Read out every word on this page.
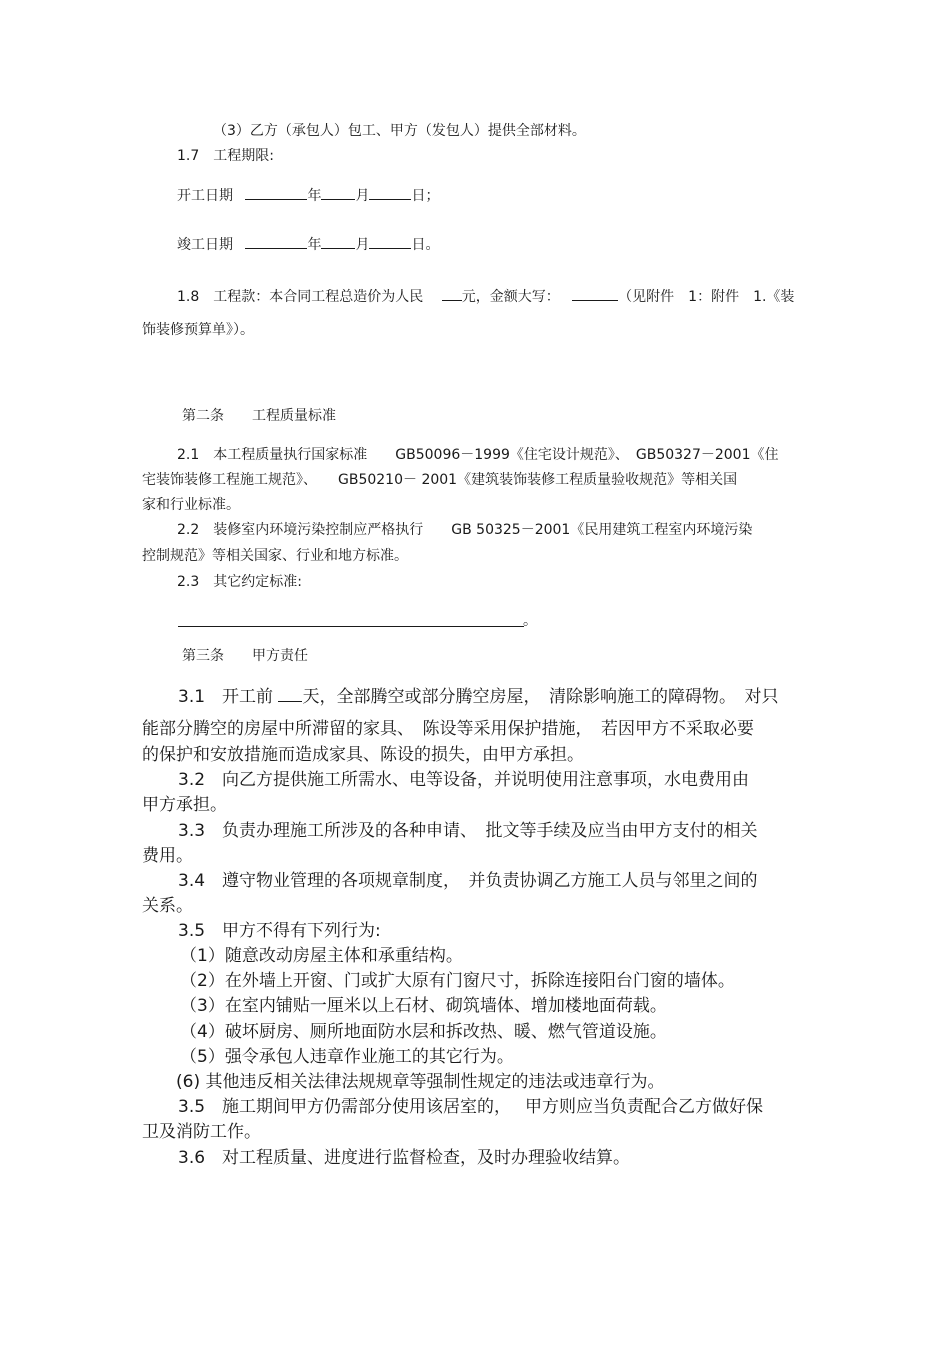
（3）乙方（承包人）包工、甲方（发包人）提供全部材料。
1.7　工程期限:
开工日期	年 月	日；
竣工日期	年 月	日。
1.8　工程款：本合同工程总造价为人民	元，金额大写：	（见附件　1：附件　1.《装
饰装修预算单》）。
第二条　　工程质量标准
2.1　本工程质量执行国家标准　　GB50096－1999《住宅设计规范》、　GB50327－2001《住
宅装饰装修工程施工规范》、　　GB50210－ 2001《建筑装饰装修工程质量验收规范》等相关国
家和行业标准。
2.2　装修室内环境污染控制应严格执行　　GB 50325－2001《民用建筑工程室内环境污染
控制规范》等相关国家、行业和地方标准。
2.3　其它约定标准:
。
第三条　　甲方责任
3.1　开工前 天，全部腾空或部分腾空房屋，　清除影响施工的障碍物。　对只
能部分腾空的房屋中所滞留的家具、　陈设等采用保护措施，　若因甲方不采取必要
的保护和安放措施而造成家具、陈设的损失，由甲方承担。
3.2　向乙方提供施工所需水、电等设备，并说明使用注意事项，水电费用由
甲方承担。
3.3　负责办理施工所涉及的各种申请、　批文等手续及应当由甲方支付的相关
费用。
3.4　遵守物业管理的各项规章制度，　并负责协调乙方施工人员与邻里之间的
关系。
3.5　甲方不得有下列行为:
（1）随意改动房屋主体和承重结构。
（2）在外墙上开窗、门或扩大原有门窗尺寸，拆除连接阳台门窗的墙体。
（3）在室内铺贴一厘米以上石材、砌筑墙体、增加楼地面荷载。
（4）破坏厨房、厕所地面防水层和拆改热、暖、燃气管道设施。
（5）强令承包人违章作业施工的其它行为。
(6) 其他违反相关法律法规规章等强制性规定的违法或违章行为。
3.5　施工期间甲方仍需部分使用该居室的，　 甲方则应当负责配合乙方做好保
卫及消防工作。
3.6　对工程质量、进度进行监督检查，及时办理验收结算。
